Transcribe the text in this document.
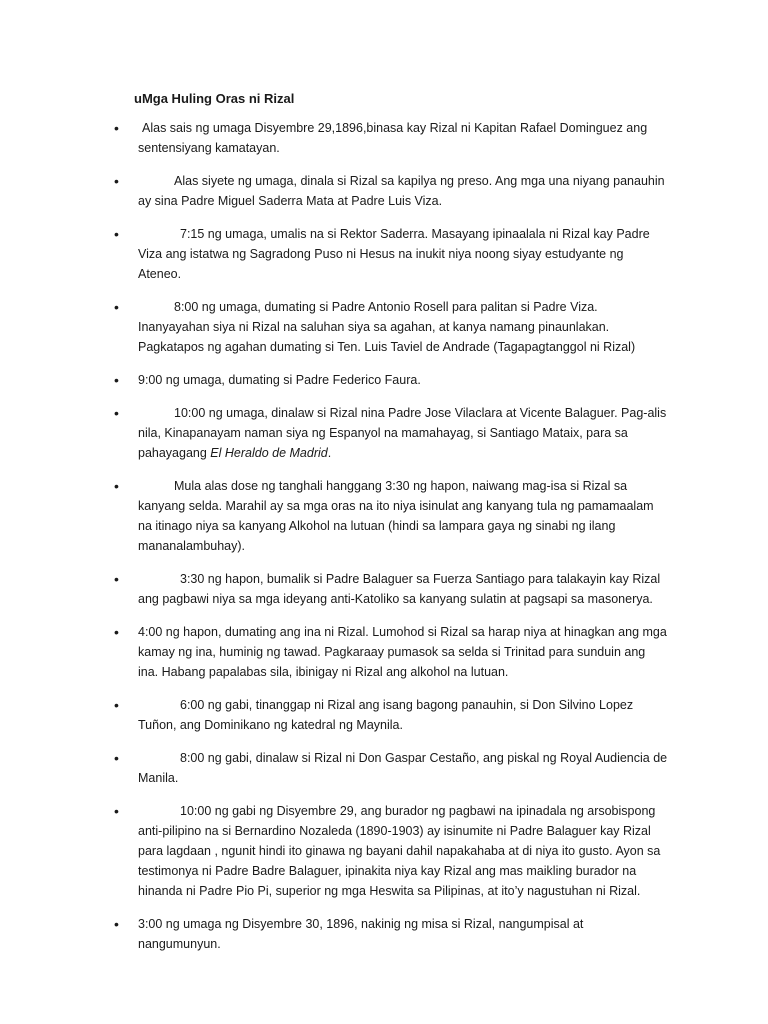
uMga Huling Oras ni Rizal
• Alas sais ng umaga Disyembre 29,1896,binasa kay Rizal ni Kapitan Rafael Dominguez ang sentensiyang kamatayan.
•	Alas siyete ng umaga, dinala si Rizal sa kapilya ng preso. Ang mga una niyang panauhin ay sina Padre Miguel Saderra Mata at Padre Luis Viza.
•	7:15 ng umaga, umalis na si Rektor Saderra. Masayang ipinaalala ni Rizal kay Padre Viza ang istatwa ng Sagradong Puso ni Hesus na inukit niya noong siyay estudyante ng Ateneo.
•	8:00 ng umaga, dumating si Padre Antonio Rosell para palitan si Padre Viza. Inanyayahan siya ni Rizal na saluhan siya sa agahan, at kanya namang pinaunlakan. Pagkatapos ng agahan dumating si Ten. Luis Taviel de Andrade (Tagapagtanggol ni Rizal)
• 9:00 ng umaga, dumating si Padre Federico Faura.
•	10:00 ng umaga, dinalaw si Rizal nina Padre Jose Vilaclara at Vicente Balaguer. Pag-alis nila, Kinapanayam naman siya ng Espanyol na mamahayag, si Santiago Mataix, para sa pahayagang El Heraldo de Madrid.
•	Mula alas dose ng tanghali hanggang 3:30 ng hapon, naiwang mag-isa si Rizal sa kanyang selda. Marahil ay sa mga oras na ito niya isinulat ang kanyang tula ng pamamaalam na itinago niya sa kanyang Alkohol na lutuan (hindi sa lampara gaya ng sinabi ng ilang mananalambuhay).
•	3:30 ng hapon, bumalik si Padre Balaguer sa Fuerza Santiago para talakayin kay Rizal ang pagbawi niya sa mga ideyang anti-Katoliko sa kanyang sulatin at pagsapi sa masonerya.
• 4:00 ng hapon, dumating ang ina ni Rizal. Lumohod si Rizal sa harap niya at hinagkan ang mga kamay ng ina, huminig ng tawad. Pagkaraay pumasok sa selda si Trinitad para sunduin ang ina. Habang papalabas sila, ibinigay ni Rizal ang alkohol na lutuan.
•	6:00 ng gabi, tinanggap ni Rizal ang isang bagong panauhin, si Don Silvino Lopez Tuñon, ang Dominikano ng katedral ng Maynila.
•	8:00 ng gabi, dinalaw si Rizal ni Don Gaspar Cestaño, ang piskal ng Royal Audiencia de Manila.
•	10:00 ng gabi ng Disyembre 29, ang burador ng pagbawi na ipinadala ng arsobispong anti-pilipino na si Bernardino Nozaleda (1890-1903) ay isinumite ni Padre Balaguer kay Rizal para lagdaan , ngunit hindi ito ginawa ng bayani dahil napakahaba at di niya ito gusto. Ayon sa testimonya ni Padre Badre Balaguer, ipinakita niya kay Rizal ang mas maikling burador na hinanda ni Padre Pio Pi, superior ng mga Heswita sa Pilipinas, at ito’y nagustuhan ni Rizal.
• 3:00 ng umaga ng Disyembre 30, 1896, nakinig ng misa si Rizal, nangumpisal at nangumunyun.
